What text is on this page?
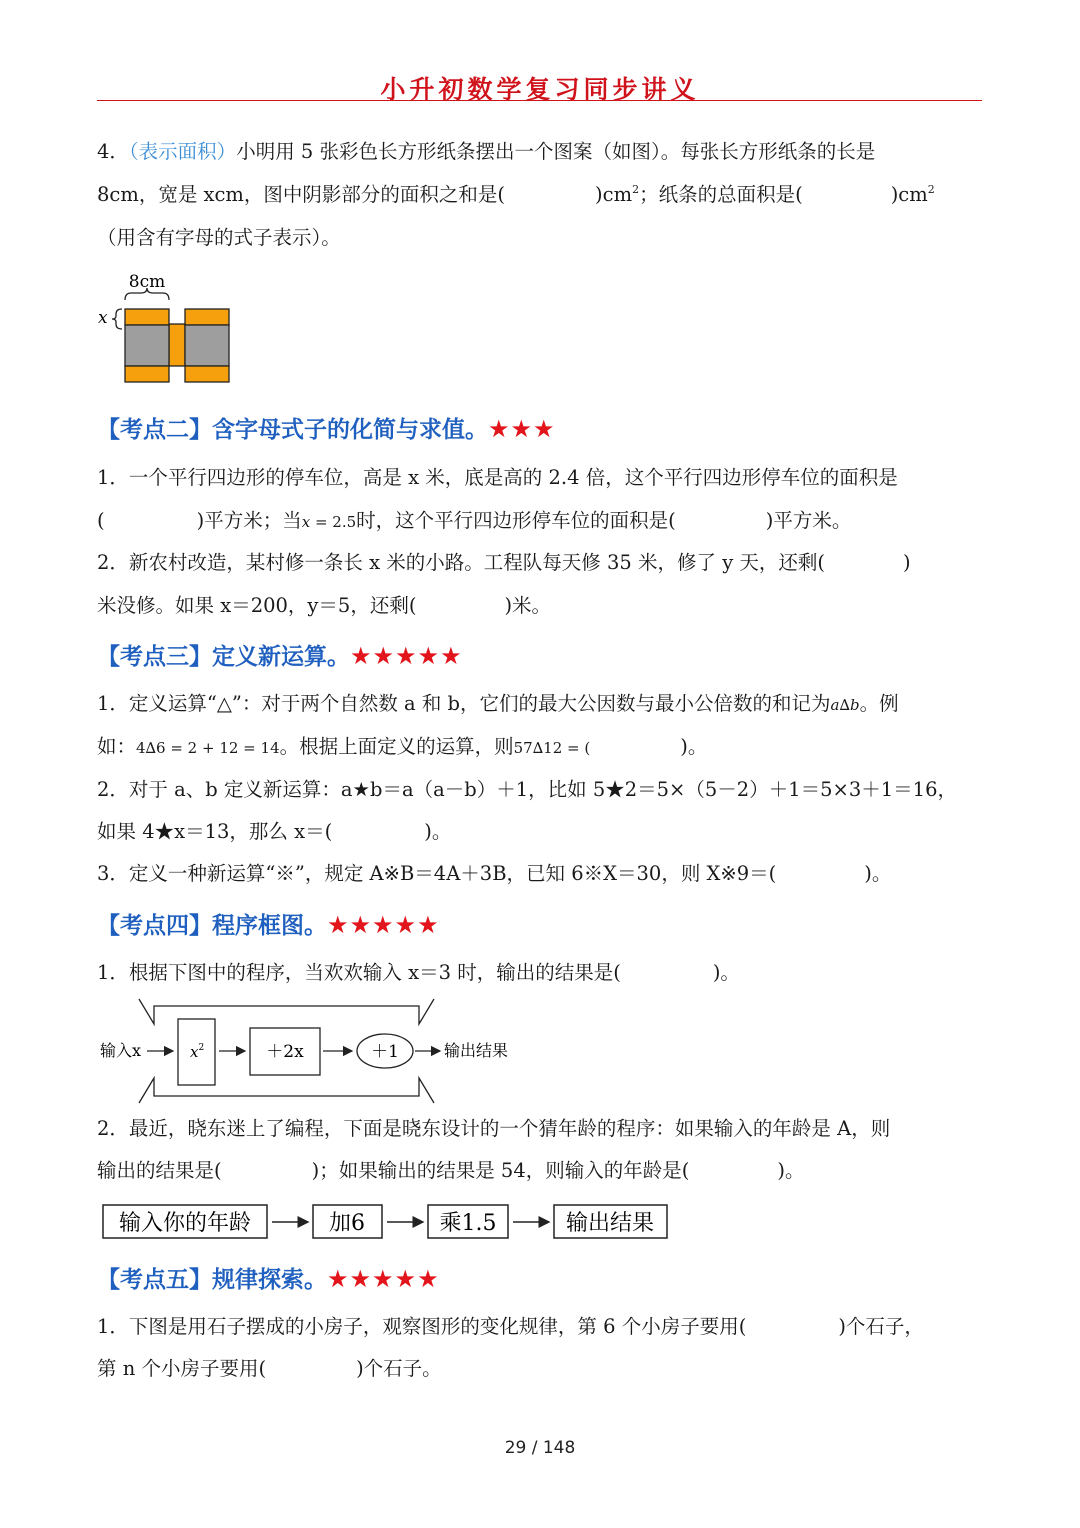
小升初数学复习同步讲义
4．（表示面积）小明用 5 张彩色长方形纸条摆出一个图案（如图）。每张长方形纸条的长是
8cm，宽是 xcm，图中阴影部分的面积之和是(	)$cm^2$；纸条的总面积是(	)$cm^2$
（用含有字母的式子表示）。
8cm
x
【考点二】含字母式子的化简与求值。★★★
1．一个平行四边形的停车位，高是 x 米，底是高的 2.4 倍，这个平行四边形停车位的面积是
(	)平方米；当x = 2.5时，这个平行四边形停车位的面积是(	)平方米。
2．新农村改造，某村修一条长 x 米的小路。工程队每天修 35 米，修了 y 天，还剩(	)
米没修。如果 x＝200，y＝5，还剩(	)米。
【考点三】定义新运算。★★★★★
1．定义运算“△”：对于两个自然数 a 和 b，它们的最大公因数与最小公倍数的和记为a∆b。例
如：4∆6 = 2 + 12 = 14。根据上面定义的运算，则57∆12 = (	)。
2．对于 a、b 定义新运算：a★b＝a（a－b）＋1，比如 5★2＝5×（5－2）＋1＝5×3＋1＝16，
如果 4★x＝13，那么 x＝(	)。
3．定义一种新运算“※”，规定 A※B＝4A＋3B，已知 6※X＝30，则 X※9＝(	)。
【考点四】程序框图。★★★★★
1．根据下图中的程序，当欢欢输入 x＝3 时，输出的结果是(	)。
输入x	$x^2$	＋2x	＋1	输出结果
2．最近，晓东迷上了编程，下面是晓东设计的一个猜年龄的程序：如果输入的年龄是 A，则
输出的结果是(	)；如果输出的结果是 54，则输入的年龄是(	)。
输入你的年龄	加6	乘1.5	输出结果
【考点五】规律探索。★★★★★
1．下图是用石子摆成的小房子，观察图形的变化规律，第 6 个小房子要用(	)个石子，
第 n 个小房子要用(	)个石子。
29 / 148
